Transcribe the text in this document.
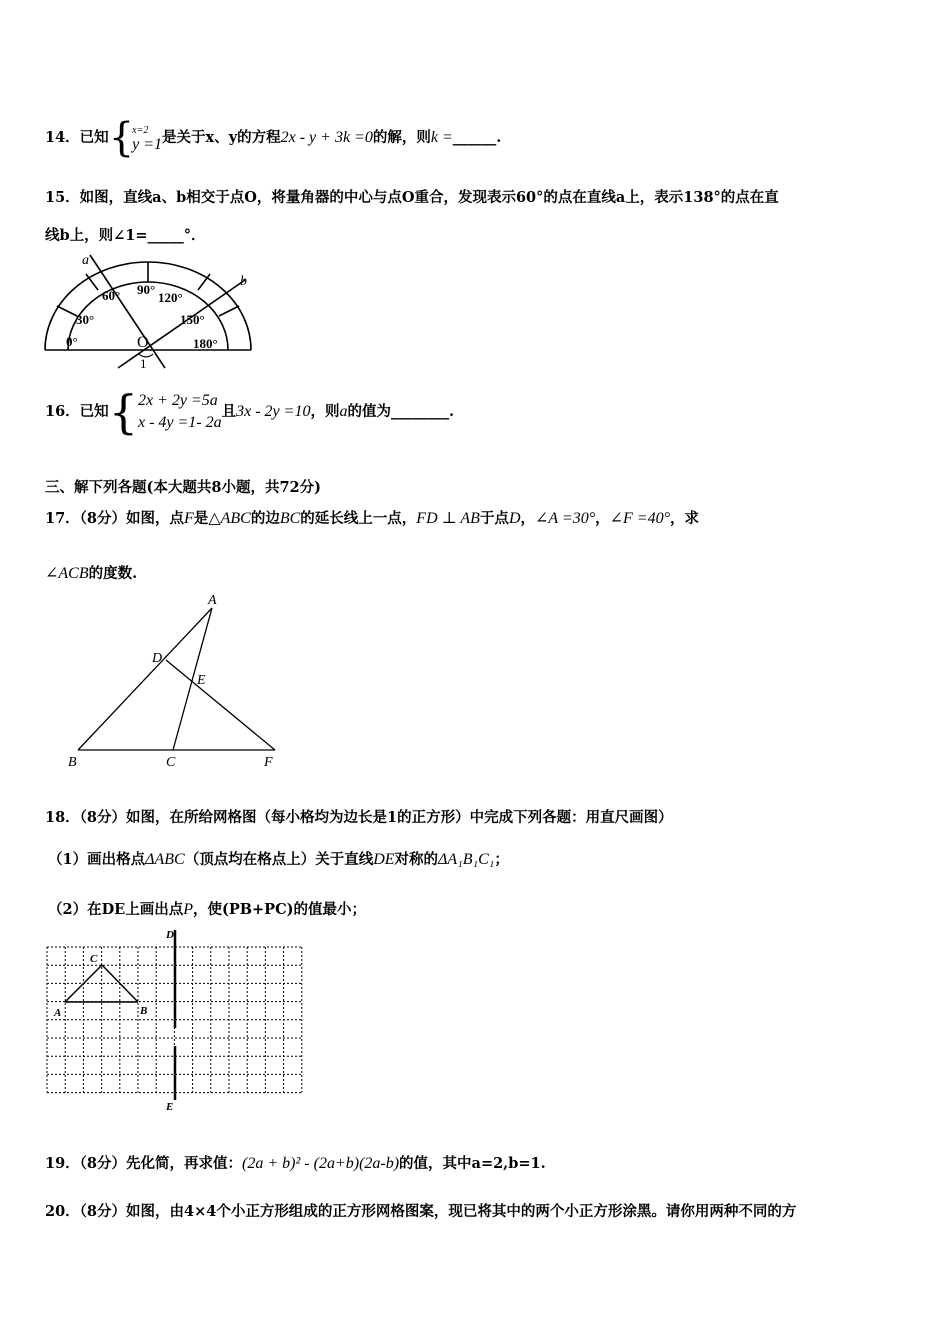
14．已知{
x=2
y =1 是关于x、y的方程2x - y + 3k =0的解，则k =______.
15．如图，直线a、b相交于点O，将量角器的中心与点O重合，发现表示60°的点在直线a上，表示138°的点在直
线b上，则∠1=_____°．
a
b
O
1
0°
30°
60° 90°
120°
150°
180°
16．已知{ 2x + 2y =5a
x - 4y =1- 2a
且3x - 2y =10，则a的值为________.
三、解下列各题(本大题共8小题，共72分)
17．（8分）如图，点F是△ABC的边BC的延长线上一点，FD ⊥ AB于点D，∠A =30°，∠F =40°，求
∠ACB的度数.
A
B	C
D
E
F
18．（8分）如图，在所给网格图（每小格均为边长是1的正方形）中完成下列各题：用直尺画图）
（1）画出格点ΔABC（顶点均在格点上）关于直线DE对称的ΔA₁B₁C₁；
（2）在DE上画出点P，使(PB+PC)的值最小；
A	B
C
D
E
19．（8分）先化简，再求值：(2a + b)² - (2a+b)(2a-b)的值，其中a=2,b=1.
20．（8分）如图，由4×4个小正方形组成的正方形网格图案，现已将其中的两个小正方形涂黑。请你用两种不同的方
